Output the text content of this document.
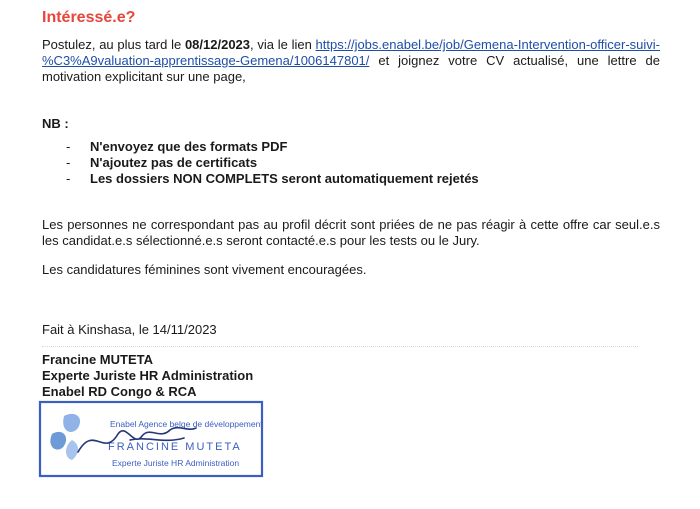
Intéressé.e?

Postulez, au plus tard le 08/12/2023, via le lien https://jobs.enabel.be/job/Gemena-Intervention-officer-suivi-%C3%A9valuation-apprentissage-Gemena/1006147801/ et joignez votre CV actualisé, une lettre de motivation explicitant sur une page,

NB :

- N'envoyez que des formats PDF
- N'ajoutez pas de certificats
- Les dossiers NON COMPLETS seront automatiquement rejetés

Les personnes ne correspondant pas au profil décrit sont priées de ne pas réagir à cette offre car seul.e.s les candidat.e.s sélectionné.e.s seront contacté.e.s pour les tests ou le Jury.

Les candidatures féminines sont vivement encouragées.

Fait à Kinshasa, le 14/11/2023

Francine MUTETA
Experte Juriste HR Administration
Enabel RD Congo & RCA
Enabel Agence belge de développement
FRANCINE MUTETA
Experte Juriste HR Administration
